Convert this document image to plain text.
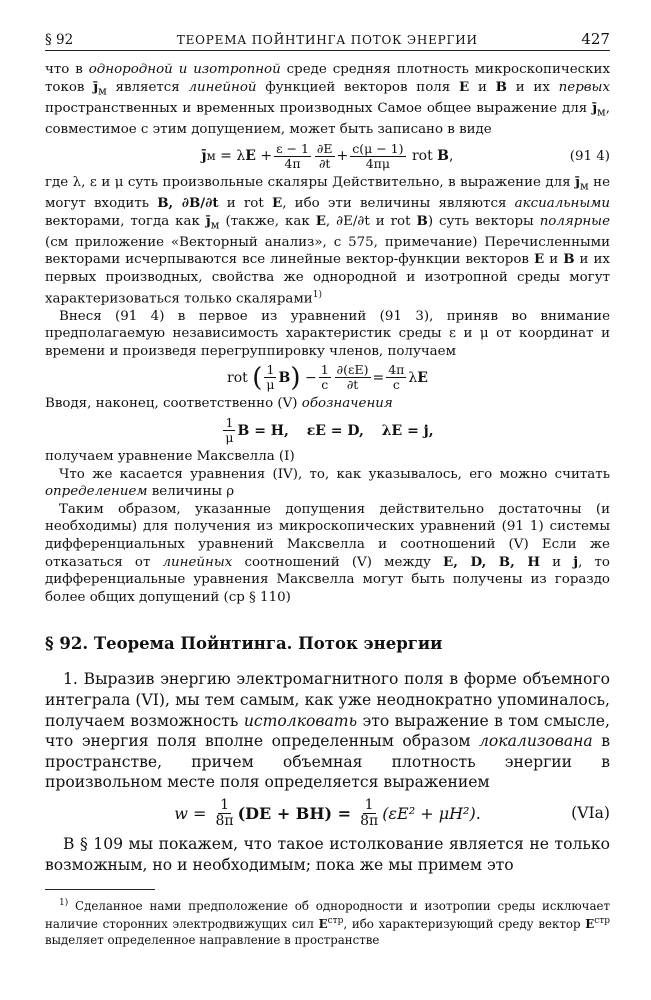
§ 92	ТЕОРЕМА ПОЙНТИНГА ПОТОК ЭНЕРГИИ	427

что в однородной и изотропной среде средняя плотность микроскопических токов $j̄_м$ является линейной функцией векторов поля E и B и их первых пространственных и временных производных Самое общее выражение для $j̄_м$, совместимое с этим допущением, может быть записано в виде

j̄ м
= λ E
+ $\frac{\varepsilon - 1}{4\pi} \frac{\partial E}{\partial t} + \frac{c(\mu - 1)}{4\pi\mu}$
rot
B ,	(91 4)

где λ, ε и μ суть произвольные скаляры Действительно, в выражение для $j̄_м$ не могут входить B, ∂B/∂t и rot E, ибо эти величины являются аксиальными векторами, тогда как $j̄_м$ (также, как E, ∂E/∂t и rot B) суть векторы полярные (см приложение «Векторный анализ», с 575, примечание) Перечисленными векторами исчерпываются все линейные вектор-функции векторов E и B и их первых производных, свойства же однородной и изотропной среды могут характеризоваться только скалярами$^{1)}$

Внеся (91 4) в первое из уравнений (91 3), приняв во внимание предполагаемую независимость характеристик среды ε и μ от координат и времени и произведя перегруппировку членов, получаем

rot
( $\frac{1}{\mu}$ B )
− $\frac{1}{c} \frac{\partial(\varepsilon E)}{\partial t} = \frac{4\pi}{c}$ λ E

Вводя, наконец, соответственно (V) обозначения

$\frac{1}{\mu}$ B = H,
εE = D,
λE = j,

получаем уравнение Максвелла (I)

Что же касается уравнения (IV), то, как указывалось, его можно считать определением величины ρ

Таким образом, указанные допущения действительно достаточны (и необходимы) для получения из микроскопических уравнений (91 1) системы дифференциальных уравнений Максвелла и соотношений (V) Если же отказаться от линейных соотношений (V) между E, D, B, H и j, то дифференциальные уравнения Максвелла могут быть получены из гораздо более общих допущений (ср § 110)

§ 92. Теорема Пойнтинга. Поток энергии

1. Выразив энергию электромагнитного поля в форме объемного интеграла (VI), мы тем самым, как уже неоднократно упоминалось, получаем возможность истолковать это выражение в том смысле, что энергия поля вполне определенным образом локализована в пространстве, причем объемная плотность энергии в произвольном месте поля определяется выражением

w =
$\frac{1}{8\pi} (DE + BH)$ =
$\frac{1}{8\pi} (\varepsilon E^2 + \mu H^2)$.	(VIa)

В § 109 мы покажем, что такое истолкование является не только возможным, но и необходимым; пока же мы примем это

$^{1)}$ Сделанное нами предположение об однородности и изотропии среды исключает наличие сторонних электродвижущих сил $E^{стр}$, ибо характеризующий среду вектор $E^{стр}$ выделяет определенное направление в пространстве
